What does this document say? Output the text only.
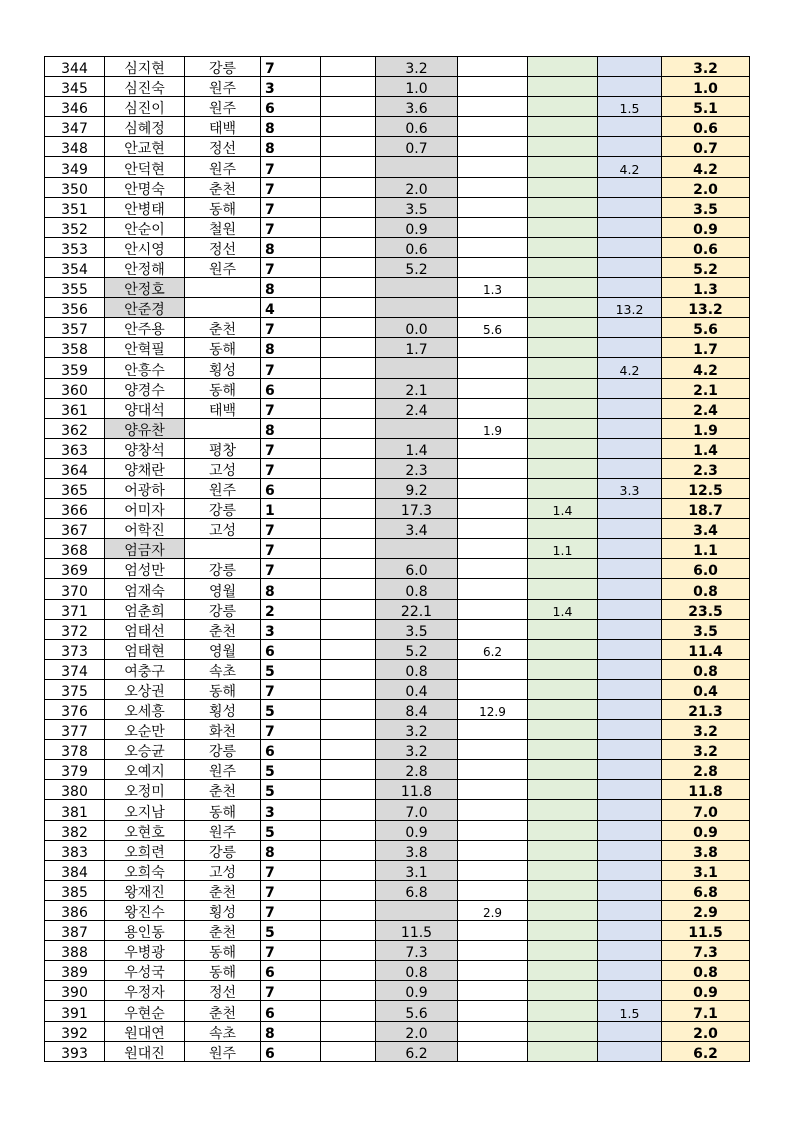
344	심지현	강릉	7		3.2				3.2
345	심진숙	원주	3		1.0				1.0
346	심진이	원주	6		3.6			1.5	5.1
347	심혜정	태백	8		0.6				0.6
348	안교현	정선	8		0.7				0.7
349	안덕현	원주	7					4.2	4.2
350	안명숙	춘천	7		2.0				2.0
351	안병태	동해	7		3.5				3.5
352	안순이	철원	7		0.9				0.9
353	안시영	정선	8		0.6				0.6
354	안정해	원주	7		5.2				5.2
355	안정호		8			1.3			1.3
356	안준경		4					13.2	13.2
357	안주용	춘천	7		0.0	5.6			5.6
358	안혁필	동해	8		1.7				1.7
359	안흥수	횡성	7					4.2	4.2
360	양경수	동해	6		2.1				2.1
361	양대석	태백	7		2.4				2.4
362	양유찬		8			1.9			1.9
363	양창석	평창	7		1.4				1.4
364	양채란	고성	7		2.3				2.3
365	어광하	원주	6		9.2			3.3	12.5
366	어미자	강릉	1		17.3		1.4		18.7
367	어학진	고성	7		3.4				3.4
368	엄금자		7				1.1		1.1
369	엄성만	강릉	7		6.0				6.0
370	엄재숙	영월	8		0.8				0.8
371	엄춘희	강릉	2		22.1		1.4		23.5
372	엄태선	춘천	3		3.5				3.5
373	엄태현	영월	6		5.2	6.2			11.4
374	여충구	속초	5		0.8				0.8
375	오상권	동해	7		0.4				0.4
376	오세흥	횡성	5		8.4	12.9			21.3
377	오순만	화천	7		3.2				3.2
378	오승균	강릉	6		3.2				3.2
379	오예지	원주	5		2.8				2.8
380	오정미	춘천	5		11.8				11.8
381	오지남	동해	3		7.0				7.0
382	오현호	원주	5		0.9				0.9
383	오희련	강릉	8		3.8				3.8
384	오희숙	고성	7		3.1				3.1
385	왕재진	춘천	7		6.8				6.8
386	왕진수	횡성	7			2.9			2.9
387	용인동	춘천	5		11.5				11.5
388	우병광	동해	7		7.3				7.3
389	우성국	동해	6		0.8				0.8
390	우정자	정선	7		0.9				0.9
391	우현순	춘천	6		5.6			1.5	7.1
392	원대연	속초	8		2.0				2.0
393	원대진	원주	6		6.2				6.2
